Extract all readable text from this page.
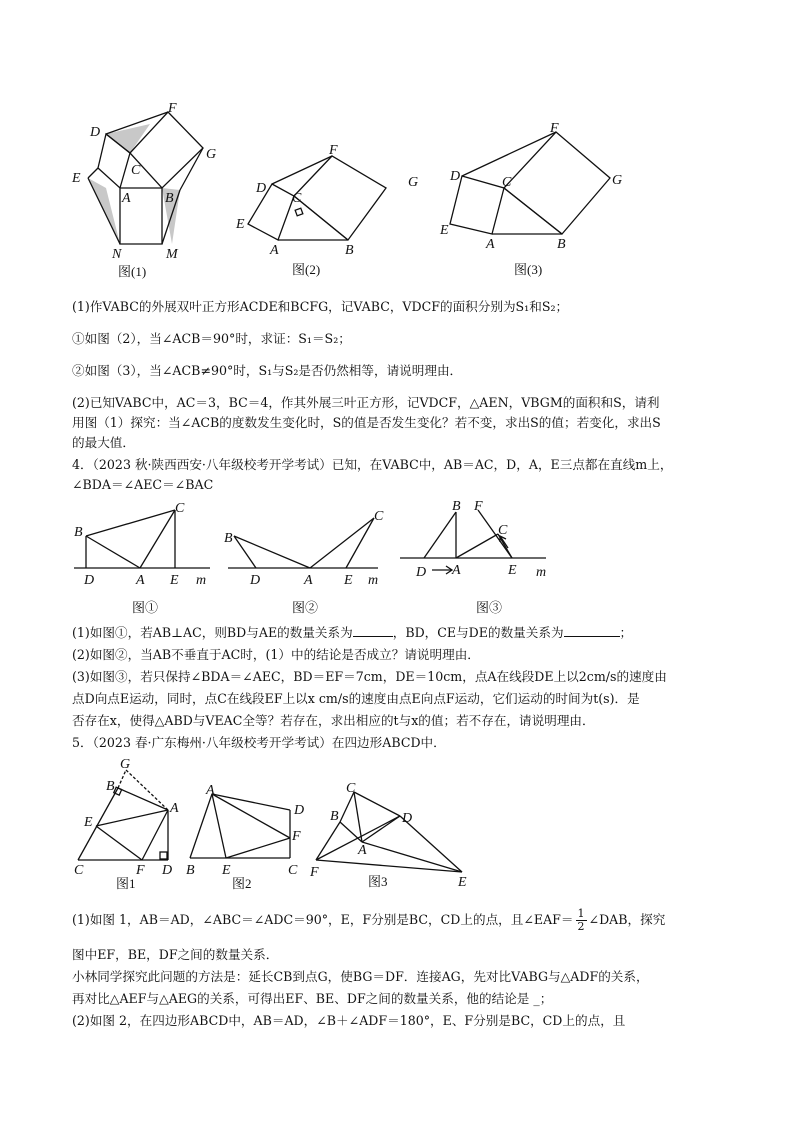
D
F
G
C
E
A B
N	M
图(1)
F
D
C
G
E
A	B
图(2)
F
D	C	G
E
A	B
图(3)
(1)作VABC的外展双叶正方形ACDE和BCFG，记VABC，VDCF的面积分别为S₁和S₂；
①如图（2），当∠ACB＝90°时，求证：S₁＝S₂；
②如图（3），当∠ACB≠90°时，S₁与S₂是否仍然相等，请说明理由．
(2)已知VABC中，AC＝3，BC＝4，作其外展三叶正方形，记VDCF，△AEN，VBGM的面积和S，请利
用图（1）探究：当∠ACB的度数发生变化时，S的值是否发生变化？若不变，求出S的值；若变化，求出S
的最大值．
4．（2023 秋·陕西西安·八年级校考开学考试）已知，在VABC中，AB＝AC，D，A，E三点都在直线m上，
∠BDA＝∠AEC＝∠BAC
C
B
D	A E m
图①
C
B
D	A E m
图②
B F
C
D A	E m
图③
(1)如图①，若AB⊥AC，则BD与AE的数量关系为	，BD，CE与DE的数量关系为	；
(2)如图②，当AB不垂直于AC时，(1）中的结论是否成立？请说明理由．
(3)如图③，若只保持∠BDA＝∠AEC，BD＝EF＝7cm，DE＝10cm，点A在线段DE上以2cm/s的速度由
点D向点E运动，同时，点C在线段EF上以x cm/s的速度由点E向点F运动，它们运动的时间为t(s)．是
否存在x，使得△ABD与VEAC全等？若存在，求出相应的t与x的值；若不存在，请说明理由．
5．（2023 春·广东梅州·八年级校考开学考试）在四边形ABCD中．
G
B
E
A
C	F D
图1
A
D
F
B E	C
图2
C
B	D
A
F
E
图3
(1)如图 1，AB＝AD，∠ABC＝∠ADC＝90°，E，F分别是BC，CD上的点，且∠EAF＝ $\frac{1}{2}$ ∠DAB，探究
图中EF，BE，DF之间的数量关系．
小林同学探究此问题的方法是：延长CB到点G，使BG＝DF．连接AG，先对比VABG与△ADF的关系，
再对比△AEF与△AEG的关系，可得出EF、BE、DF之间的数量关系，他的结论是 _；
(2)如图 2，在四边形ABCD中，AB＝AD，∠B＋∠ADF＝180°，E、F分别是BC，CD上的点，且
